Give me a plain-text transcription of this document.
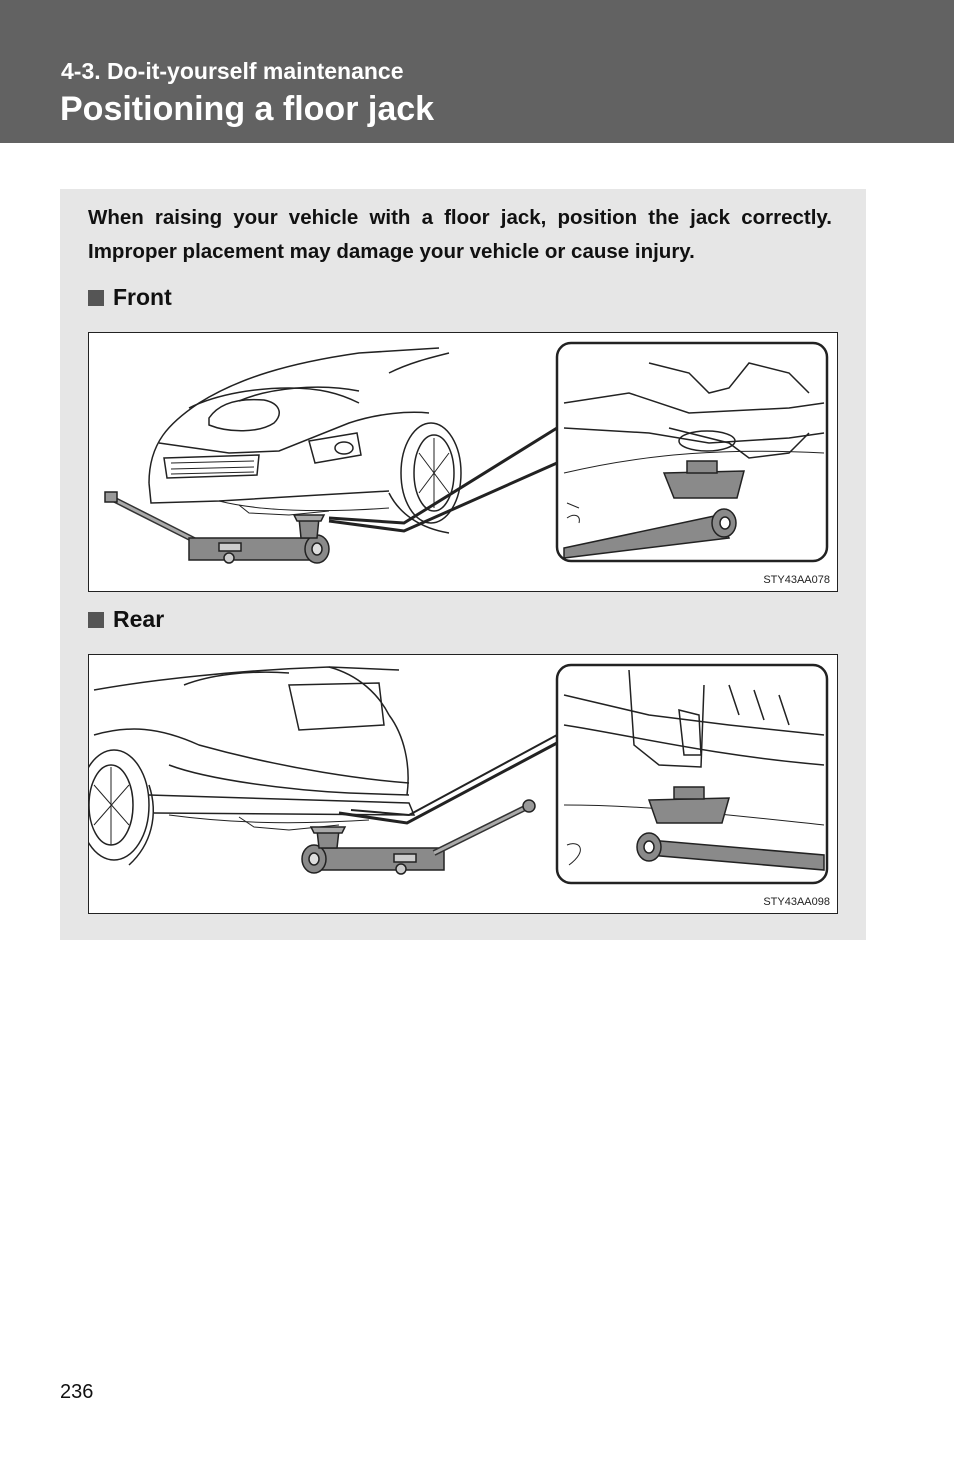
4-3. Do-it-yourself maintenance
Positioning a floor jack
When raising your vehicle with a floor jack, position the jack correctly. Improper placement may damage your vehicle or cause injury.
Front
STY43AA078
Rear
STY43AA098
236
